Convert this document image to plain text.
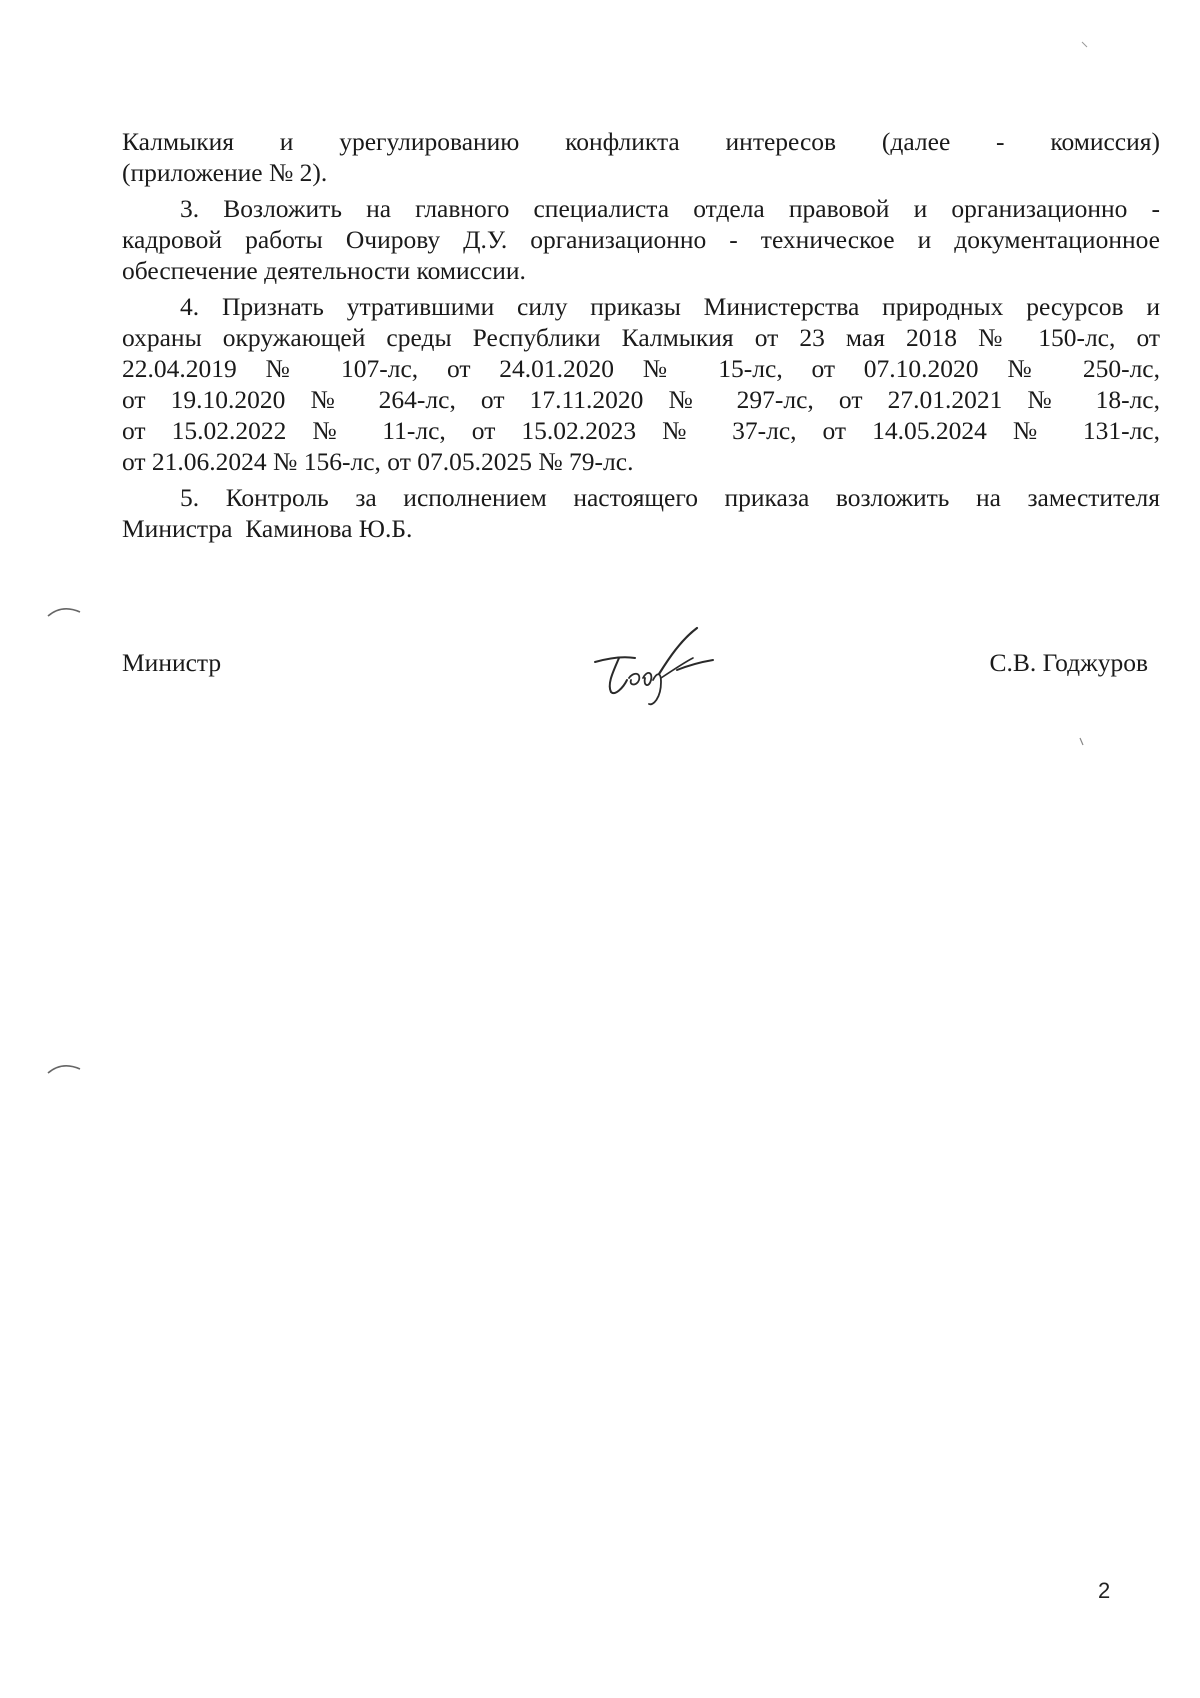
Калмыкия и урегулированию конфликта интересов (далее - комиссия)
(приложение № 2).

3. Возложить на главного специалиста отдела правовой и организационно -
кадровой работы Очирову Д.У. организационно - техническое и документационное
обеспечение деятельности комиссии.

4. Признать утратившими силу приказы Министерства природных ресурсов и
охраны окружающей среды Республики Калмыкия от 23 мая 2018 № 150-лс, от
22.04.2019 № 107-лс, от 24.01.2020 № 15-лс, от 07.10.2020 № 250-лс,
от 19.10.2020 № 264-лс, от 17.11.2020 № 297-лс, от 27.01.2021 № 18-лс,
от 15.02.2022 № 11-лс, от 15.02.2023 № 37-лс, от 14.05.2024 № 131-лс,
от 21.06.2024 № 156-лс, от 07.05.2025 № 79-лс.

5. Контроль за исполнением настоящего приказа возложить на заместителя
Министра  Каминова Ю.Б.

Министр	С.В. Годжуров
2
